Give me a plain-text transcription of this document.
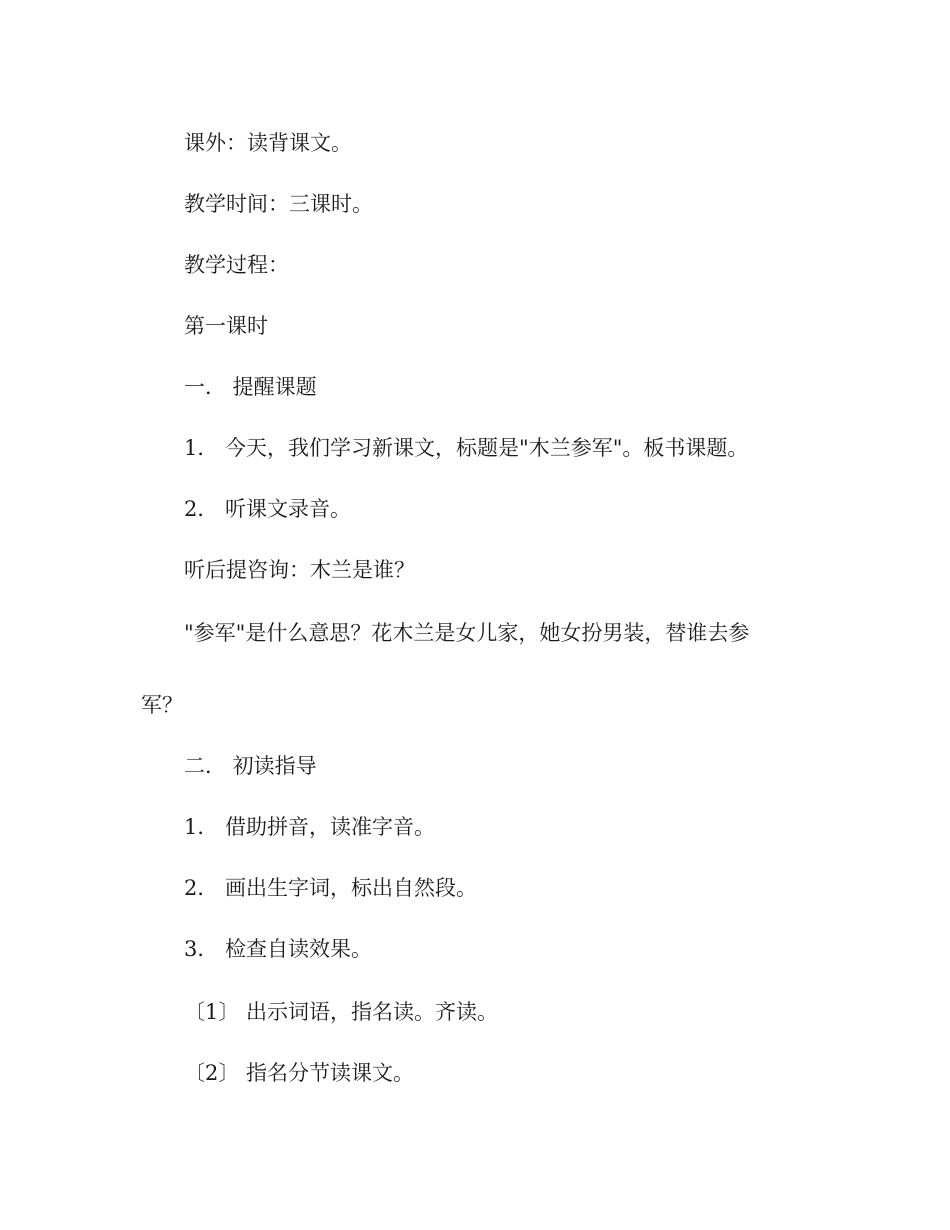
课外：读背课文。
教学时间：三课时。
教学过程：
第一课时
一． 提醒课题
1． 今天，我们学习新课文，标题是"木兰参军"。板书课题。
2． 听课文录音。
听后提咨询：木兰是谁？
"参军"是什么意思？花木兰是女儿家，她女扮男装，替谁去参
军？
二． 初读指导
1． 借助拼音，读准字音。
2． 画出生字词，标出自然段。
3． 检查自读效果。
〔1〕 出示词语，指名读。齐读。
〔2〕 指名分节读课文。
